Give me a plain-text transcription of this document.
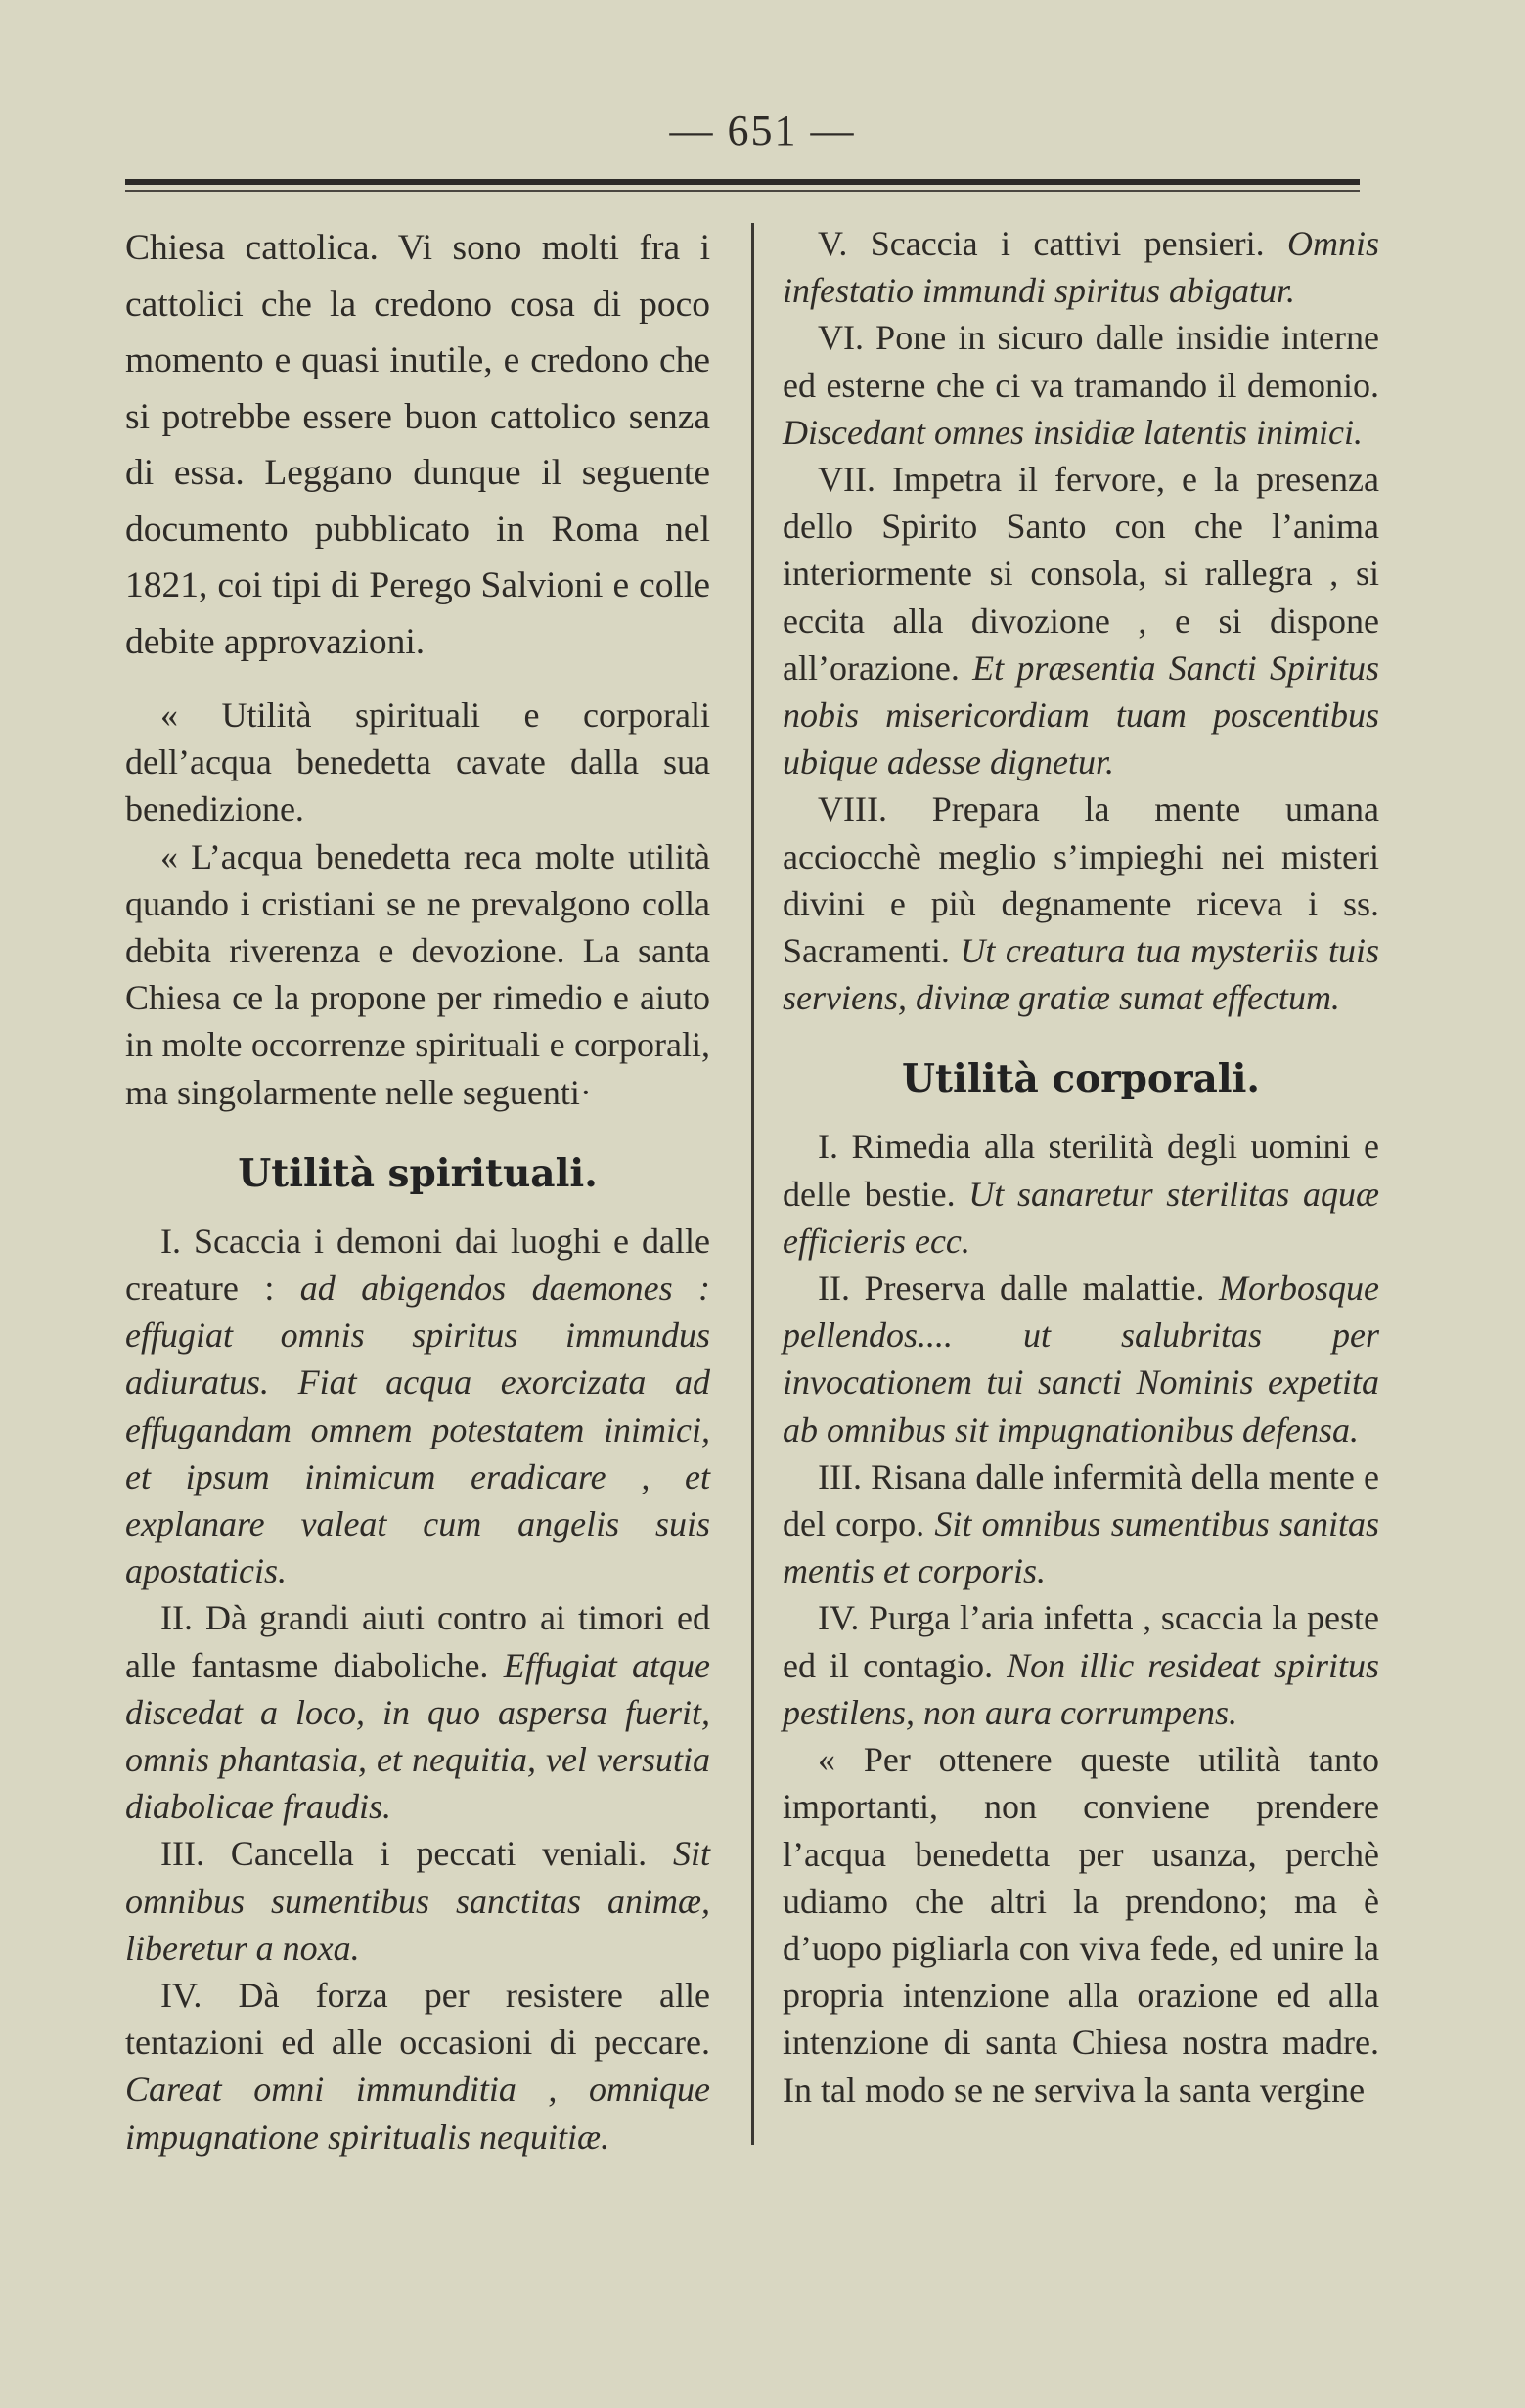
— 651 —

Chiesa cattolica. Vi sono molti fra i cattolici che la credono cosa di poco momento e quasi inutile, e credono che si potrebbe essere buon cattolico senza di essa. Leggano dunque il seguente documento pubblicato in Roma nel 1821, coi tipi di Perego Salvioni e colle debite approvazioni.

« Utilità spirituali e corporali dell’acqua benedetta cavate dalla sua benedizione.

« L’acqua benedetta reca molte utilità quando i cristiani se ne prevalgono colla debita riverenza e devozione. La santa Chiesa ce la propone per rimedio e aiuto in molte occorrenze spirituali e corporali, ma singolarmente nelle seguenti·

Utilità spirituali.

I. Scaccia i demoni dai luoghi e dalle creature : ad abigendos daemones : effugiat omnis spiritus immundus adiuratus. Fiat acqua exorcizata ad effugandam omnem potestatem inimici, et ipsum inimicum eradicare , et explanare valeat cum angelis suis apostaticis.

II. Dà grandi aiuti contro ai timori ed alle fantasme diaboliche. Effugiat atque discedat a loco, in quo aspersa fuerit, omnis phantasia, et nequitia, vel versutia diabolicae fraudis.

III. Cancella i peccati veniali. Sit omnibus sumentibus sanctitas animæ, liberetur a noxa.

IV. Dà forza per resistere alle tentazioni ed alle occasioni di peccare. Careat omni immunditia , omnique impugnatione spiritualis nequitiæ.

V. Scaccia i cattivi pensieri. Omnis infestatio immundi spiritus abigatur.

VI. Pone in sicuro dalle insidie interne ed esterne che ci va tramando il demonio. Discedant omnes insidiæ latentis inimici.

VII. Impetra il fervore, e la presenza dello Spirito Santo con che l’anima interiormente si consola, si rallegra , si eccita alla divozione , e si dispone all’orazione. Et præsentia Sancti Spiritus nobis misericordiam tuam poscentibus ubique adesse dignetur.

VIII. Prepara la mente umana acciocchè meglio s’impieghi nei misteri divini e più degnamente riceva i ss. Sacramenti. Ut creatura tua mysteriis tuis serviens, divinæ gratiæ sumat effectum.

Utilità corporali.

I. Rimedia alla sterilità degli uomini e delle bestie. Ut sanaretur sterilitas aquæ efficieris ecc.

II. Preserva dalle malattie. Morbosque pellendos.... ut salubritas per invocationem tui sancti Nominis expetita ab omnibus sit impugnationibus defensa.

III. Risana dalle infermità della mente e del corpo. Sit omnibus sumentibus sanitas mentis et corporis.

IV. Purga l’aria infetta , scaccia la peste ed il contagio. Non illic resideat spiritus pestilens, non aura corrumpens.

« Per ottenere queste utilità tanto importanti, non conviene prendere l’acqua benedetta per usanza, perchè udiamo che altri la prendono; ma è d’uopo pigliarla con viva fede, ed unire la propria intenzione alla orazione ed alla intenzione di santa Chiesa nostra madre. In tal modo se ne serviva la santa vergine
